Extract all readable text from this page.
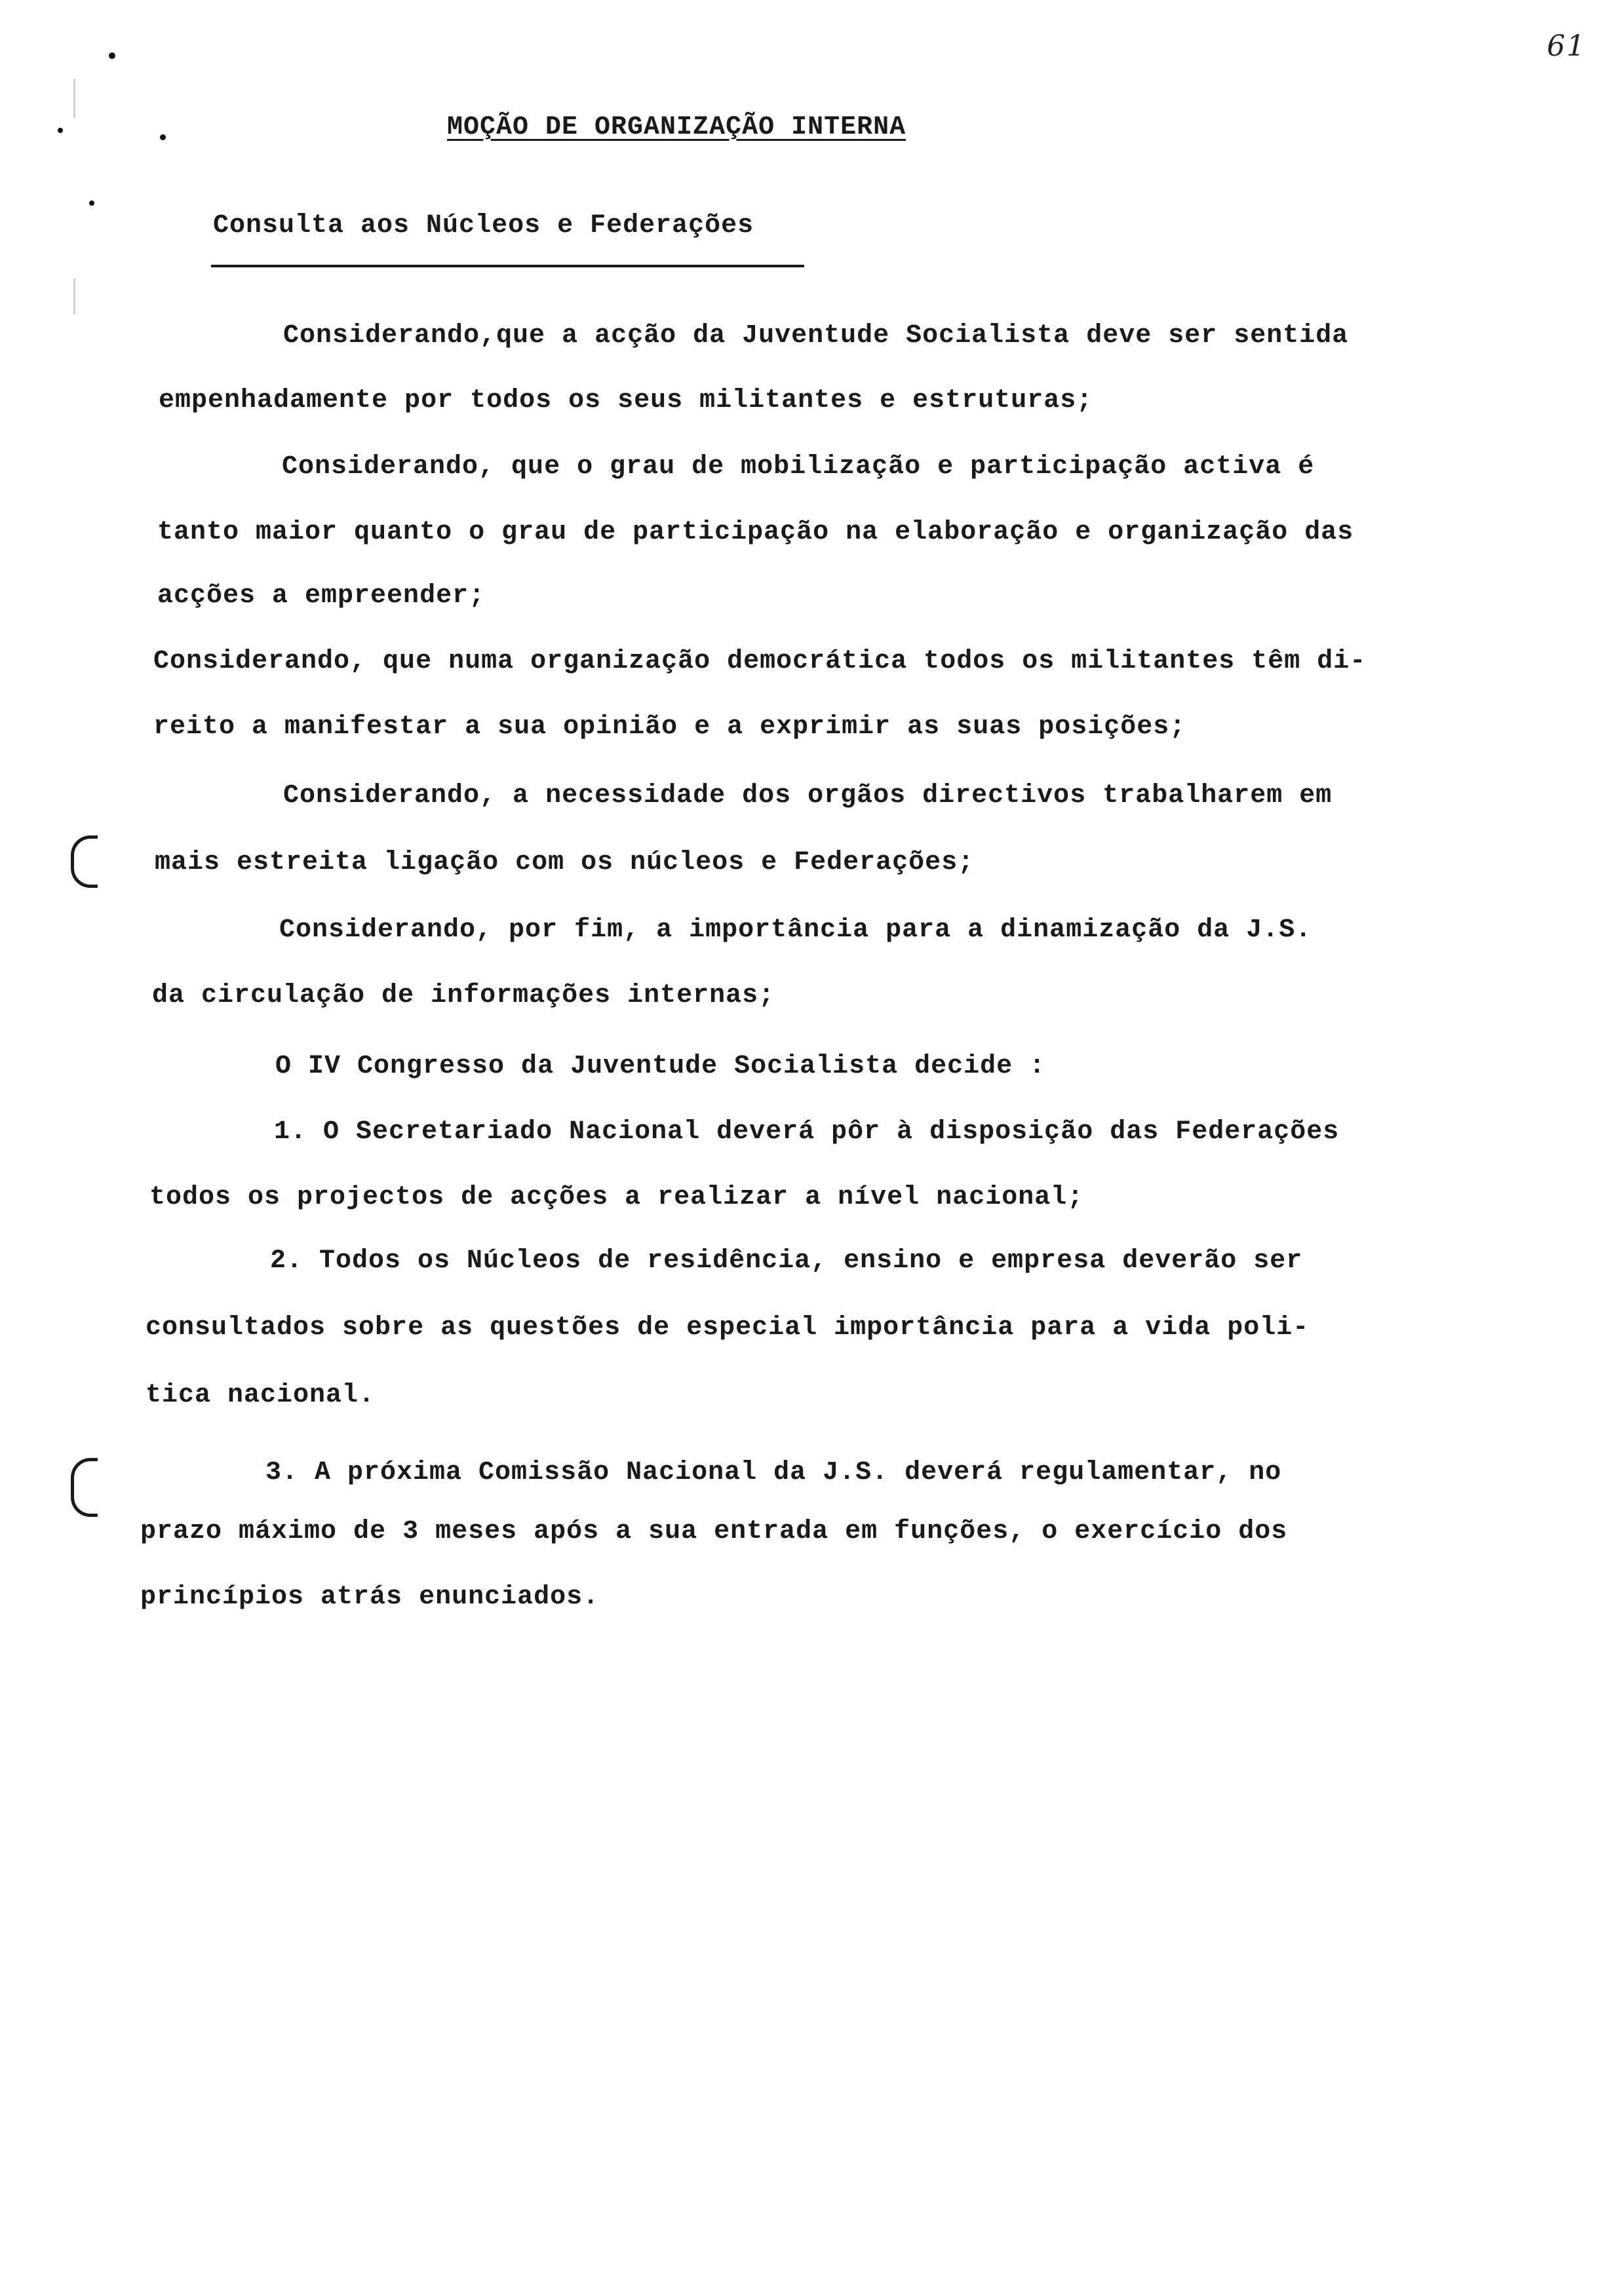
61
MOÇÃO DE ORGANIZAÇÃO INTERNA
Consulta aos Núcleos e Federações
Considerando,que a acção da Juventude Socialista deve ser sentida
empenhadamente por todos os seus militantes e estruturas;
Considerando, que o grau de mobilização e participação activa é
tanto maior quanto o grau de participação na elaboração e organização das
acções a empreender;
Considerando, que numa organização democrática todos os militantes têm di-
reito a manifestar a sua opinião e a exprimir as suas posições;
Considerando, a necessidade dos orgãos directivos trabalharem em
mais estreita ligação com os núcleos e Federações;
Considerando, por fim, a importância para a dinamização da J.S.
da circulação de informações internas;
O IV Congresso da Juventude Socialista decide :
1. O Secretariado Nacional deverá pôr à disposição das Federações
todos os projectos de acções a realizar a nível nacional;
2. Todos os Núcleos de residência, ensino e empresa deverão ser
consultados sobre as questões de especial importância para a vida poli-
tica nacional.
3. A próxima Comissão Nacional da J.S. deverá regulamentar, no
prazo máximo de 3 meses após a sua entrada em funções, o exercício dos
princípios atrás enunciados.
